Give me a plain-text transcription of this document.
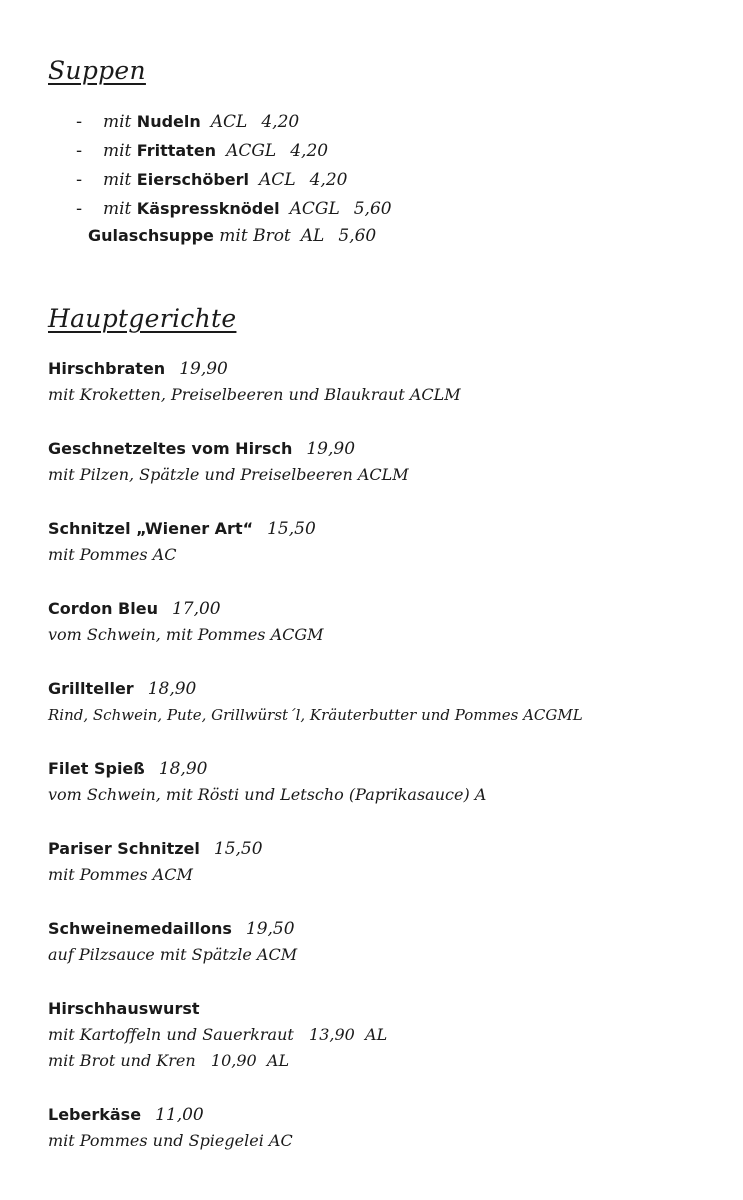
Suppen
- mit Nudeln ACL 4,20
- mit Frittaten ACGL 4,20
- mit Eierschöberl ACL 4,20
- mit Käspressknödel ACGL 5,60
Gulaschsuppe mit Brot AL 5,60
Hauptgerichte
Hirschbraten 19,90
mit Kroketten, Preiselbeeren und Blaukraut ACLM
Geschnetzeltes vom Hirsch 19,90
mit Pilzen, Spätzle und Preiselbeeren ACLM
Schnitzel „Wiener Art“ 15,50
mit Pommes AC
Cordon Bleu 17,00
vom Schwein, mit Pommes ACGM
Grillteller 18,90
Rind, Schwein, Pute, Grillwürst´l, Kräuterbutter und Pommes ACGML
Filet Spieß 18,90
vom Schwein, mit Rösti und Letscho (Paprikasauce) A
Pariser Schnitzel 15,50
mit Pommes ACM
Schweinemedaillons 19,50
auf Pilzsauce mit Spätzle ACM
Hirschhauswurst
mit Kartoffeln und Sauerkraut   13,90  AL
mit Brot und Kren   10,90  AL
Leberkäse 11,00
mit Pommes und Spiegelei AC
